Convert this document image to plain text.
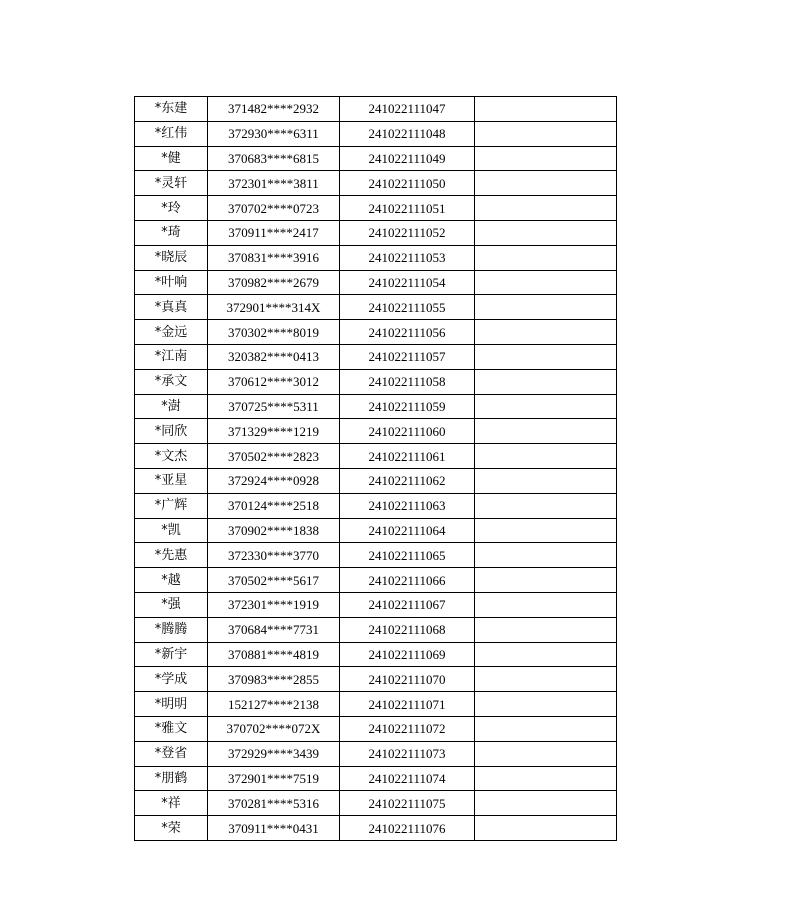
*东建	371482****2932	241022111047	
*红伟	372930****6311	241022111048	
*健	370683****6815	241022111049	
*灵轩	372301****3811	241022111050	
*玲	370702****0723	241022111051	
*琦	370911****2417	241022111052	
*晓辰	370831****3916	241022111053	
*叶响	370982****2679	241022111054	
*真真	372901****314X	241022111055	
*金远	370302****8019	241022111056	
*江南	320382****0413	241022111057	
*承文	370612****3012	241022111058	
*澍	370725****5311	241022111059	
*同欣	371329****1219	241022111060	
*文杰	370502****2823	241022111061	
*亚星	372924****0928	241022111062	
*广辉	370124****2518	241022111063	
*凯	370902****1838	241022111064	
*先惠	372330****3770	241022111065	
*越	370502****5617	241022111066	
*强	372301****1919	241022111067	
*腾腾	370684****7731	241022111068	
*新宇	370881****4819	241022111069	
*学成	370983****2855	241022111070	
*明明	152127****2138	241022111071	
*雅文	370702****072X	241022111072	
*登省	372929****3439	241022111073	
*朋鹤	372901****7519	241022111074	
*祥	370281****5316	241022111075	
*荣	370911****0431	241022111076	
